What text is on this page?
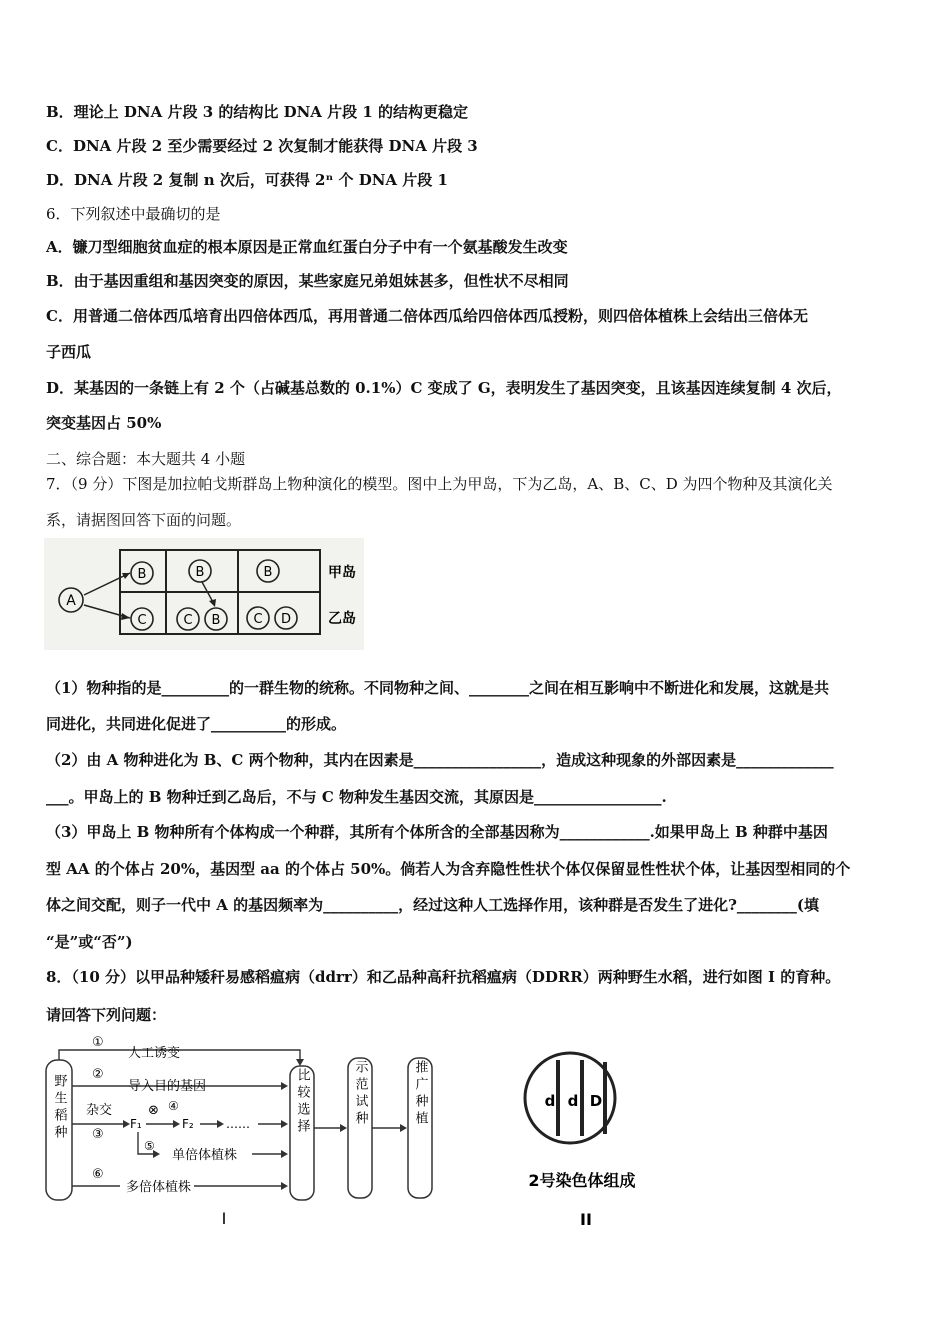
B．理论上 DNA 片段 3 的结构比 DNA 片段 1 的结构更稳定
C．DNA 片段 2 至少需要经过 2 次复制才能获得 DNA 片段 3
D．DNA 片段 2 复制 n 次后，可获得 2ⁿ 个 DNA 片段 1
6．下列叙述中最确切的是
A．镰刀型细胞贫血症的根本原因是正常血红蛋白分子中有一个氨基酸发生改变
B．由于基因重组和基因突变的原因，某些家庭兄弟姐妹甚多，但性状不尽相同
C．用普通二倍体西瓜培育出四倍体西瓜，再用普通二倍体西瓜给四倍体西瓜授粉，则四倍体植株上会结出三倍体无
子西瓜
D．某基因的一条链上有 2 个（占碱基总数的 0.1%）C 变成了 G，表明发生了基因突变，且该基因连续复制 4 次后，
突变基因占 50%
二、综合题：本大题共 4 小题
7．（9 分）下图是加拉帕戈斯群岛上物种演化的模型。图中上为甲岛，下为乙岛，A、B、C、D 为四个物种及其演化关
系，请据图回答下面的问题。
A
B	B	B
C	C B	C D
甲岛
乙岛
（1）物种指的是_________的一群生物的统称。不同物种之间、________之间在相互影响中不断进化和发展，这就是共
同进化，共同进化促进了__________的形成。
（2）由 A 物种进化为 B、C 两个物种，其内在因素是_________________，造成这种现象的外部因素是_____________
___。甲岛上的 B 物种迁到乙岛后，不与 C 物种发生基因交流，其原因是_________________.
（3）甲岛上 B 物种所有个体构成一个种群，其所有个体所含的全部基因称为____________.如果甲岛上 B 种群中基因
型 AA 的个体占 20%，基因型 aa 的个体占 50%。倘若人为含弃隐性性状个体仅保留显性性状个体，让基因型相同的个
体之间交配，则子一代中 A 的基因频率为__________，经过这种人工选择作用，该种群是否发生了进化?________(填
“是”或“否”)
8．（10 分）以甲品种矮秆易感稻瘟病（ddrr）和乙品种高秆抗稻瘟病（DDRR）两种野生水稻，进行如图 I 的育种。
请回答下列问题：
野生稻种	比较选择	示范试种	推广种植
①
人工诱变
②
导入目的基因
杂交
③
F₁
⊗ ④
F₂	……
⑤
单倍体植株
⑥
多倍体植株
I
d d D
2号染色体组成
II
